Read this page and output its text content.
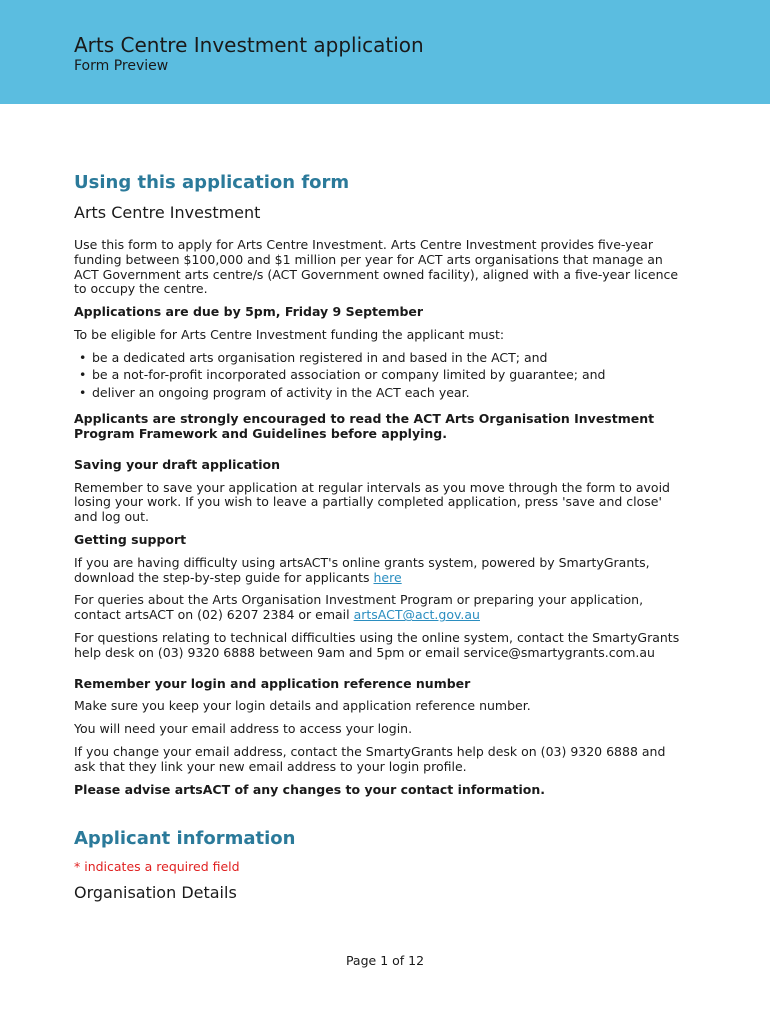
Arts Centre Investment application
Form Preview
Using this application form
Arts Centre Investment

Use this form to apply for Arts Centre Investment. Arts Centre Investment provides five-year funding between $100,000 and $1 million per year for ACT arts organisations that manage an ACT Government arts centre/s (ACT Government owned facility), aligned with a five-year licence to occupy the centre.

Applications are due by 5pm, Friday 9 September

To be eligible for Arts Centre Investment funding the applicant must:

• be a dedicated arts organisation registered in and based in the ACT; and
• be a not-for-profit incorporated association or company limited by guarantee; and
• deliver an ongoing program of activity in the ACT each year.

Applicants are strongly encouraged to read the ACT Arts Organisation Investment Program Framework and Guidelines before applying.

Saving your draft application

Remember to save your application at regular intervals as you move through the form to avoid losing your work. If you wish to leave a partially completed application, press 'save and close' and log out.

Getting support

If you are having difficulty using artsACT's online grants system, powered by SmartyGrants, download the step-by-step guide for applicants here

For queries about the Arts Organisation Investment Program or preparing your application, contact artsACT on (02) 6207 2384 or email artsACT@act.gov.au

For questions relating to technical difficulties using the online system, contact the SmartyGrants help desk on (03) 9320 6888 between 9am and 5pm or email service@smartygrants.com.au

Remember your login and application reference number

Make sure you keep your login details and application reference number.

You will need your email address to access your login.

If you change your email address, contact the SmartyGrants help desk on (03) 9320 6888 and ask that they link your new email address to your login profile.

Please advise artsACT of any changes to your contact information.

Applicant information
* indicates a required field
Organisation Details
Page 1 of 12
